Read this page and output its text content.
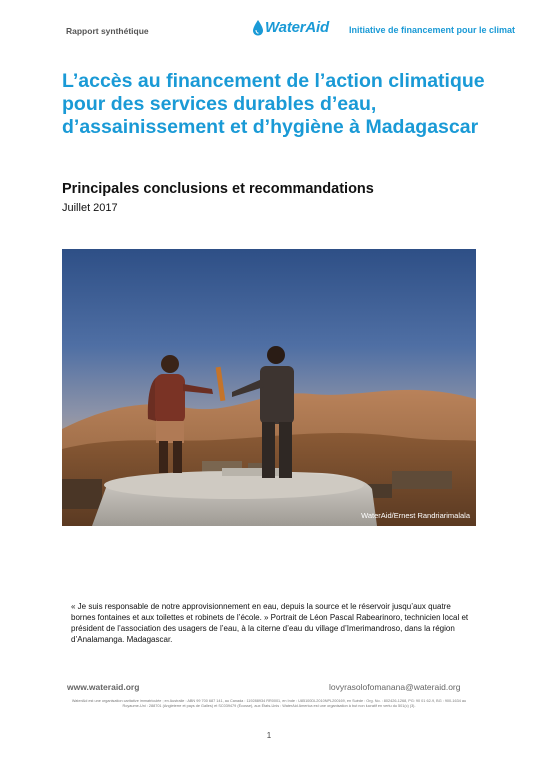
Rapport synthétique	WaterAid Initiative de financement pour le climat
L’accès au financement de l’action climatique pour des services durables d’eau, d’assainissement et d’hygiène à Madagascar
Principales conclusions et recommandations
Juillet 2017
WaterAid/Ernest Randriarimalala

« Je suis responsable de notre approvisionnement en eau, depuis la source et le réservoir jusqu’aux quatre bornes fontaines et aux toilettes et robinets de l’école. » Portrait de Léon Pascal Rabearinoro, technicien local et président de l’association des usagers de l’eau, à la citerne d’eau du village d’Imerimandroso, dans la région d’Analamanga. Madagascar.

www.wateraid.org	lovyrasolofomanana@wateraid.org

WaterAid est une organisation caritative immatriculée ; en Australie : ABN 99 700 687 141, au Canada : 119288934 RR0001, en Inde : U85100DL2010NPL200169, en Suède : Org. No. : 802426-1268, PG: 90 01 62-9, BG : 900-1634 au Royaume-Uni : 288701 (Angleterre et pays de Galles) et SC039479 (Écosse), aux États-Unis : WaterAid America est une organisation à but non lucratif en vertu du 501(c) (3).

1
